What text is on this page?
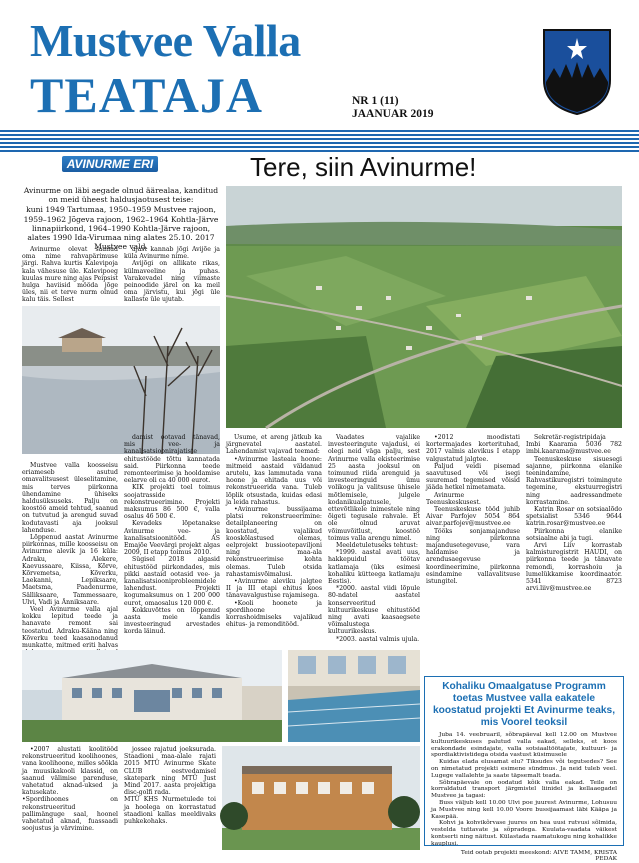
Mustvee Valla
TEATAJA	NR 1 (11)
JAANUAR 2019
AVINURME ERI	Tere, siin Avinurme!
Avinurme on läbi aegade olnud äärealaa, kanditud on meid üheest haldusjaotusest teise:
kuni 1949 Tartumaa, 1950–1959 Mustvee rajoon, 1959–1962 Jõgeva rajoon, 1962–1964 Kohtla-Järve linnapiirkond, 1964–1990 Kohtla-Järve rajoon, alates 1990 Ida-Virumaa ning alates 25.10. 2017 Mustvee vald.

Avinurme olevat saanud oma nime rahvapärimuse järgi. Rahva kurtis Kalevipoja kala vähesuse üle. Kalevipoeg kuulas mure ning ajas Peipsist hulga haviisid mööda jõge üles, nii et terve nurm olnud kalu täis. Sellest

ajast kannab jõgi Avijõe ja küla Avinurme nime.

Avijõgi on allikate rikas, külmaveeline ja puhas. Varakevadel ning viimaste peinoodide järel on ka meil oma järvistu, kui jõgi üle kallaste üle ujutab.

Mustvee valla koosseisu eriameseb asutud omavalitsusest üleselitamine, mis terves piirkonna ühendamine ühiseks haldusüksuseks. Palju on koostöö ameid tehtud, saanud on tutvutud ja arengud suvad kodutavasti aja jooksul lahenduse.

Lõppenud aastat Avinurme piirkonnas, mille koosseisu on Avinurme alevik ja 16 küla: Adraku, Alekere, Kaevussaare, Kiissa, Kõrve, Kõrvemetsa, Kõverku, Laekanni, Lepiksaare, Maetsma, Paadenurme, Sälliksaare, Tammessaare, Ulvi, Vadi ja Änniksaare.

Veel Avinurme valla ajal kokku lepitud teede ja hanavate remont sai teostatud. Adraku-Kääna ning Kõverku teed kaasanodanud munkatte, mitmed eriti halvas

damist ootavad tänavad, mis vee- ja kanalisatsioonirajatiste ehitustööde tõttu kannatada said. Piirkonna teede remonteerimise ja hooldamise eelarve oli ca 40 000 eurot.

KIK projekti toel toimus soojatrasside rekonstrueerimine. Projekti maksumus 86 500 €, valla osalus 46 500 €.

Kevadeks lõpetanakse Avinurme vee- ja kanalisatsioonitööd. AS Emajõe Veevärgi projekt algas 2009, II etapp toimus 2010.

Sügisel 2018 algasid ehitustööd piirkondades, mis pikki aastaid ootasid vee- ja kanalisatsiooniprobleemidele lahendust. Projekti kogumaksumus on 1 200 000 eurot, omaosalus 120 000 €.

Kokkuvõttes on lõppenud aasta meie kandis investeeringud arvestades korda läinud.

Usume, et areng jätkub ka järgnevatel aastatel. Lahendamist vajavad teemad:

•Avinurme lasteaia hoone: mitmeid aastaid väldanud arutelu, kas lammutada vana hoone ja ehitada uus või rekonstrueerida vana. Tuleb lõplik otsustada, kuidas edasi ja leida rahastus.

•Avinurme bussijaama platsi rekonstrueerimine: detailplaneering on koostatud, vajalikud kooskõlastused olemas, eelprojekt bussiootepaviljoni ning maa-ala rekonstrueerimise kohta olemas. Tuleb otsida rahastamisvõimalusi.

•Avinurme aleviku jalgtee II ja III etapi ehitus koos tänavavalgustuse rajamisega.

•Kooli hoonete ja spordihoone korrashoidmiseks vajalikud ehitus- ja remonditööd.

Vaadates vajalike investeeringute vajadusi, ei olegi neid väga palju, sest Avinurme valla ekisteerimise 25 aasta jooksul on toimunud riida arenguid ja investeeringuid ümu volikogu ja valitsuse ühisele mõtlemisele, julgele kodanikualgatusele, ettevõtlikele inimestele ning õigeti tegusale rahvale. Et ole olnud aruvat võimuvõitlust, koostöö toimus valla arengu nimel.

Meeldetuletuseks tehtust:

*1999. aastal avati uus, hakkepuidul töötav katlamaja (üks esimesi kohaliku kütteega katlamaju Eestis).

*2000. aastal viidi lõpule 80-ndatel aastatel konserveeritud kultuurikeskuse ehitustööd ning avati kaasaegsete võimalustega kultuurikeskus.

*2003. aastal valmis ujula.

•2012 moodistati kortermajades korterituhad, 2017 valmis alevikus I etapp valgustatud jalgtee.

Paljud veidi pisemad saavutused või isegi suuremad tegemised võisid jääda hetkel nimetamata.

Avinurme Teenuskeskusest.

Teenuskeskuse tööd juhib Aivar Parfojev 5054 864 aivar.parfojev@mustvee.ee

Tööks sonjamajanduse ning piirkonna majandusetegevuse, vara haldamise ja arendusaegevuse koordineerimine, piirkonna esindamine vallavalitsuse istungitel.

Sekretär-registripidaja Imbi Kaarama 5036 782 imbi.kaarama@mustvee.ee

Teenuskeskuse sisuesegi sajanne, piirkonna elanike teenindamine, Rahvastikuregistri toimingute tegemine, ekstuurregistri ning aadressandmete korrastamine.

Katrin Rosar on sotsiaalõdo spetsialist 5346 9644 katrin.rosar@mustvee.ee

Piirkonna elanike sotsiaalne abi ja tugi.

Arvi Liiv korrastab kalmisturegistrit HAUDI, on piirkonna teede ja tänavate remondi, korrashoiu ja lumelükkamise koordinaator. 5341 8723 arvi.liiv@mustvee.ee

•2007 alustati koolitööd rekonstrueeritud koolihoones, vana koolihoone, milles sõõkla ja muusikakooli klassid, on saanud välimise parenduse, vahetatud aknad-uksed ja katusekate.
•Spordihoones on rekonstrueeritud pallimänguge saal, hoonel vahetatud aknad, fuassaadi soojustus ja värvimine.

jossee rajatud joeksuradа. Staadioni maa-alale rajati 2015 MTÜ Avinurme Skate CLUB eestvedamisel skatepark ning MTÜ Just Mind 2017. aasta projektiga disc-golfi rada.
MTÜ KHS Nurmetulede toi ja hoolega on korrastatud staadioni kallas meeldivaks puhkekohaks.

Kohaliku Omaalgatuse Programm toetas Mustvee valla eakatele koostatud projekti Et Avinurme teaks, mis Voorel teoksil

Juba 14. veebruaril, sõbrapäeval kell 12.00 on Mustvee kultuurikeskuses palutud valla eakad, selleks, et koos erakondade esindajate, valla sotsiaaltöötajate, kultuuri- ja spordiaktivistidega otsida vastust küsimusele

Kuidas elada elusamat elu? Tiksudes või tegutsedes? See on nimetatud projekti esimene sündmus. Ja neid tuleb veel. Lugege vallalehte ja saate täpsemalt teada.

Sõbrapäevale on oodatud kõik valla eakad. Teile on korraldatud transport järgmistel liinidel ja kellaaegadel Mustvee ja tagasi:

Buss väljub kell 10.00 Ulvi poe juurest Avinurme, Lohusuu ja Mustvee ning kell 10.00 Voore bussijaamast läbi Kääpa ja Kasepää.

Kohvi ja kohvikõrvase juures on hea uusi rutvusi sõlmida, vestelda tuttavate ja sõpradega. Kuulata-vaadata väikest kontserti ning näitust. Külastada raamatukogu ning kohalikke kauplusi.

Teid ootab projekti meeskond: AIVE TAMM, KRISTA PEDAK
